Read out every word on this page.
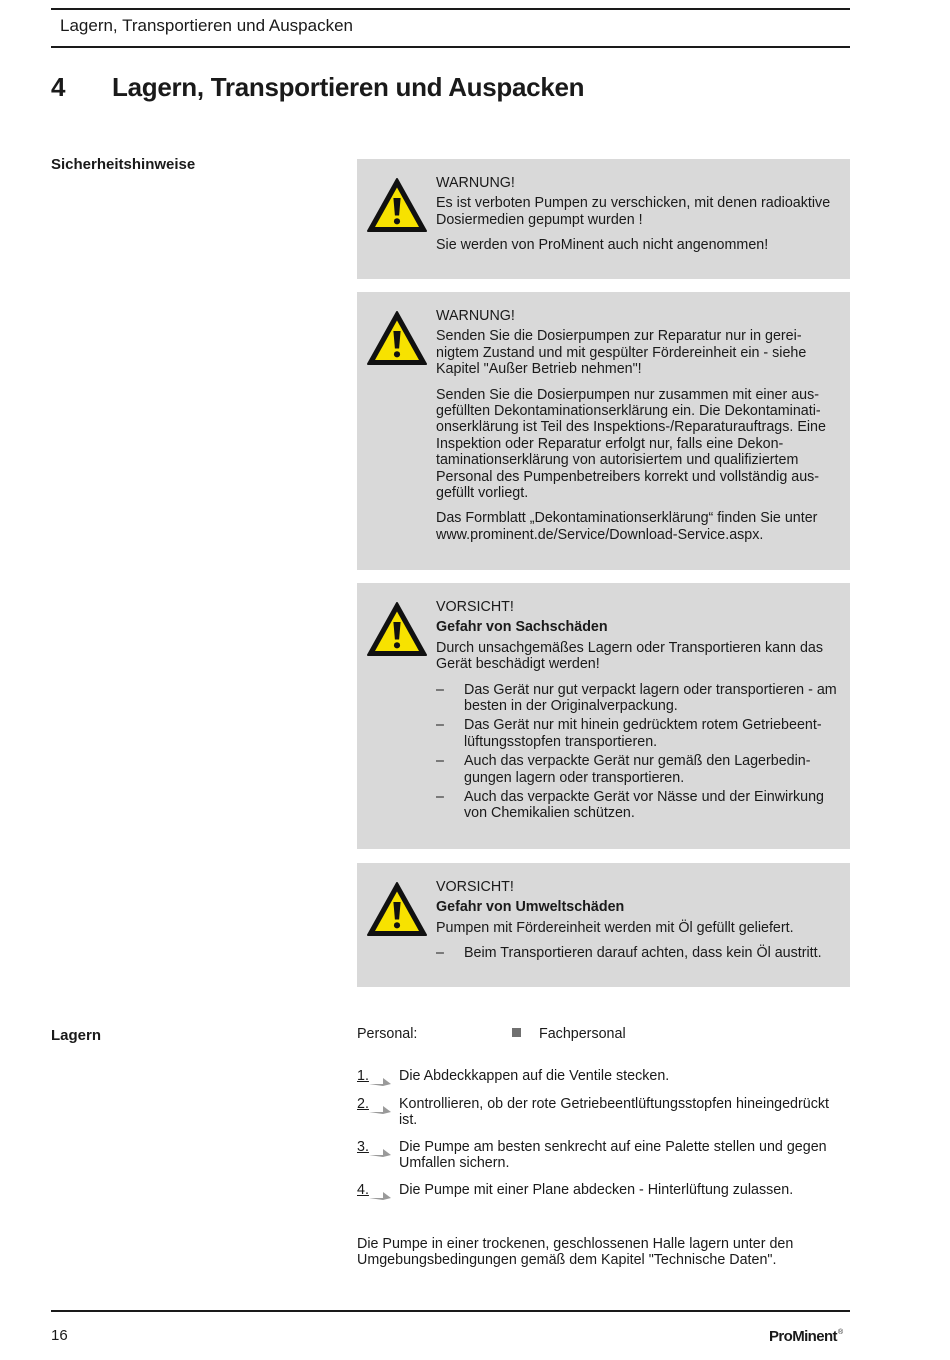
Lagern, Transportieren und Auspacken
4 Lagern, Transportieren und Auspacken
Sicherheitshinweise
WARNUNG!

Es ist verboten Pumpen zu verschicken, mit denen radioaktive Dosiermedien gepumpt wurden !

Sie werden von ProMinent auch nicht angenommen!

WARNUNG!

Senden Sie die Dosierpumpen zur Reparatur nur in gereinigtem Zustand und mit gespülter Fördereinheit ein - siehe Kapitel "Außer Betrieb nehmen"!

Senden Sie die Dosierpumpen nur zusammen mit einer ausgefüllten Dekontaminationserklärung ein. Die Dekontaminationserklärung ist Teil des Inspektions-/Reparaturauftrags. Eine Inspektion oder Reparatur erfolgt nur, falls eine Dekontaminationserklärung von autorisiertem und qualifiziertem Personal des Pumpenbetreibers korrekt und vollständig ausgefüllt vorliegt.

Das Formblatt „Dekontaminationserklärung“ finden Sie unter www.prominent.de/Service/Download-Service.aspx.

VORSICHT!
Gefahr von Sachschäden

Durch unsachgemäßes Lagern oder Transportieren kann das Gerät beschädigt werden!

– Das Gerät nur gut verpackt lagern oder transportieren - am besten in der Originalverpackung.
– Das Gerät nur mit hinein gedrücktem rotem Getriebeentlüftungsstopfen transportieren.
– Auch das verpackte Gerät nur gemäß den Lagerbedingungen lagern oder transportieren.
– Auch das verpackte Gerät vor Nässe und der Einwirkung von Chemikalien schützen.
VORSICHT!
Gefahr von Umweltschäden

Pumpen mit Fördereinheit werden mit Öl gefüllt geliefert.

– Beim Transportieren darauf achten, dass kein Öl austritt.
Lagern	Personal:	Fachpersonal
1. Die Abdeckkappen auf die Ventile stecken.
2. Kontrollieren, ob der rote Getriebeentlüftungsstopfen hineingedrückt ist.
3. Die Pumpe am besten senkrecht auf eine Palette stellen und gegen Umfallen sichern.
4. Die Pumpe mit einer Plane abdecken - Hinterlüftung zulassen.

Die Pumpe in einer trockenen, geschlossenen Halle lagern unter den Umgebungsbedingungen gemäß dem Kapitel "Technische Daten".

16	ProMinent®
